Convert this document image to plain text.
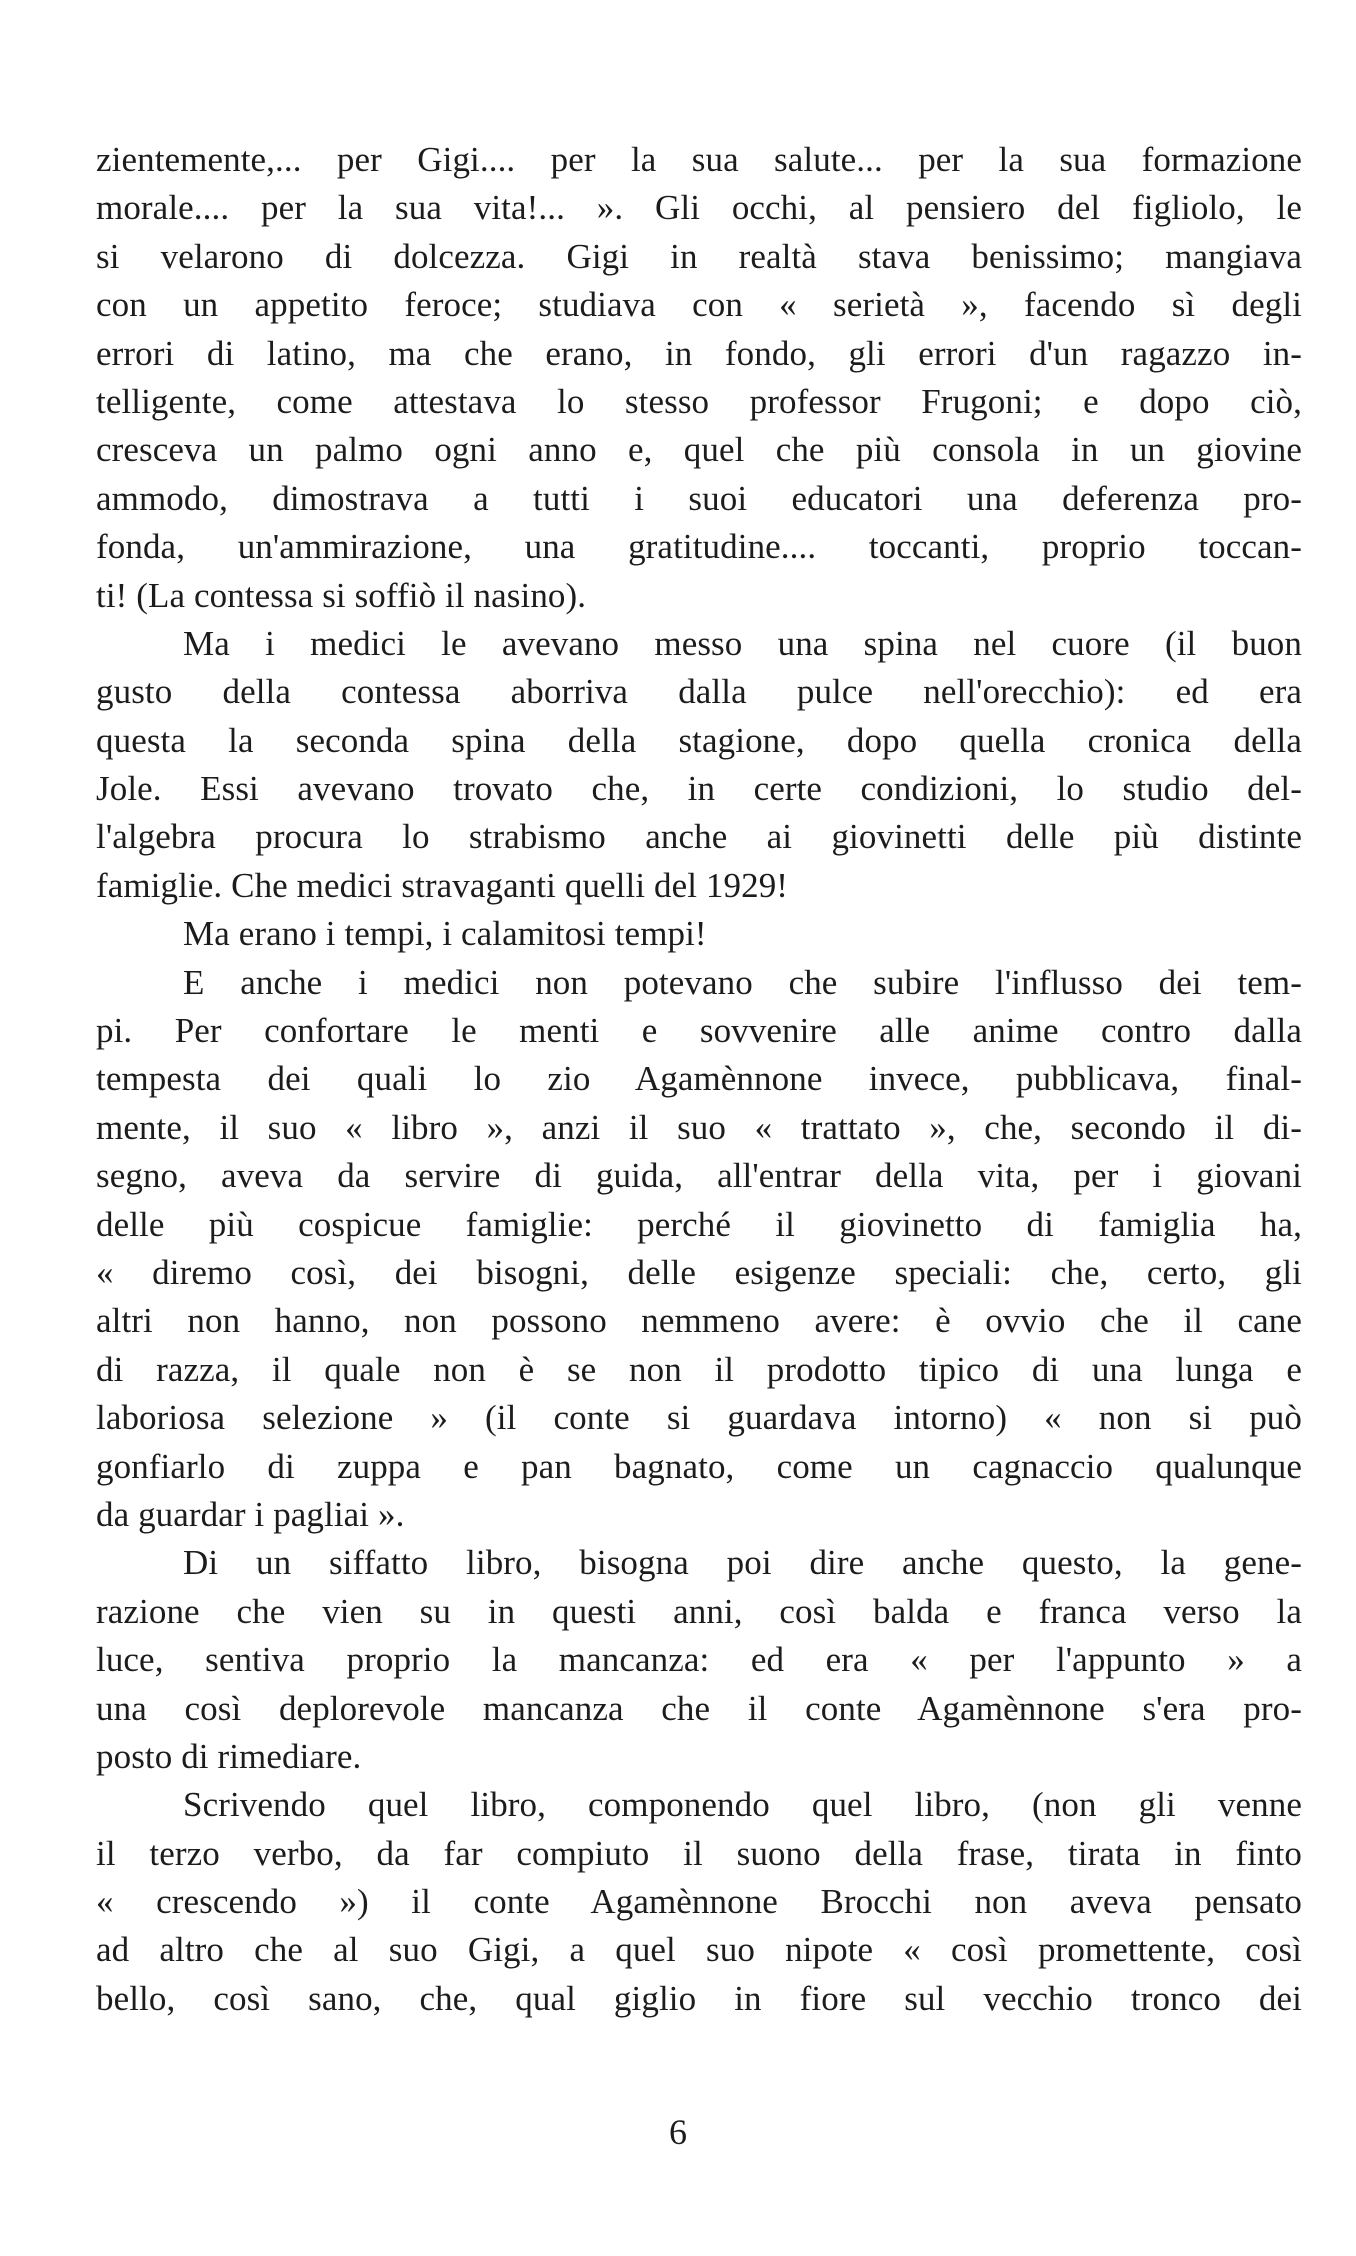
zientemente,... per Gigi.... per la sua salute... per la sua formazione
morale.... per la sua vita!... ». Gli occhi, al pensiero del figliolo, le
si velarono di dolcezza. Gigi in realtà stava benissimo; mangiava
con un appetito feroce; studiava con « serietà », facendo sì degli
errori di latino, ma che erano, in fondo, gli errori d'un ragazzo in-
telligente, come attestava lo stesso professor Frugoni; e dopo ciò,
cresceva un palmo ogni anno e, quel che più consola in un giovine
ammodo, dimostrava a tutti i suoi educatori una deferenza pro-
fonda, un'ammirazione, una gratitudine.... toccanti, proprio toccan-
ti! (La contessa si soffiò il nasino).
Ma i medici le avevano messo una spina nel cuore (il buon
gusto della contessa aborriva dalla pulce nell'orecchio): ed era
questa la seconda spina della stagione, dopo quella cronica della
Jole. Essi avevano trovato che, in certe condizioni, lo studio del-
l'algebra procura lo strabismo anche ai giovinetti delle più distinte
famiglie. Che medici stravaganti quelli del 1929!
Ma erano i tempi, i calamitosi tempi!
E anche i medici non potevano che subire l'influsso dei tem-
pi. Per confortare le menti e sovvenire alle anime contro dalla
tempesta dei quali lo zio Agamènnone invece, pubblicava, final-
mente, il suo « libro », anzi il suo « trattato », che, secondo il di-
segno, aveva da servire di guida, all'entrar della vita, per i giovani
delle più cospicue famiglie: perché il giovinetto di famiglia ha,
« diremo così, dei bisogni, delle esigenze speciali: che, certo, gli
altri non hanno, non possono nemmeno avere: è ovvio che il cane
di razza, il quale non è se non il prodotto tipico di una lunga e
laboriosa selezione » (il conte si guardava intorno) « non si può
gonfiarlo di zuppa e pan bagnato, come un cagnaccio qualunque
da guardar i pagliai ».
Di un siffatto libro, bisogna poi dire anche questo, la gene-
razione che vien su in questi anni, così balda e franca verso la
luce, sentiva proprio la mancanza: ed era « per l'appunto » a
una così deplorevole mancanza che il conte Agamènnone s'era pro-
posto di rimediare.
Scrivendo quel libro, componendo quel libro, (non gli venne
il terzo verbo, da far compiuto il suono della frase, tirata in finto
« crescendo ») il conte Agamènnone Brocchi non aveva pensato
ad altro che al suo Gigi, a quel suo nipote « così promettente, così
bello, così sano, che, qual giglio in fiore sul vecchio tronco dei
6
